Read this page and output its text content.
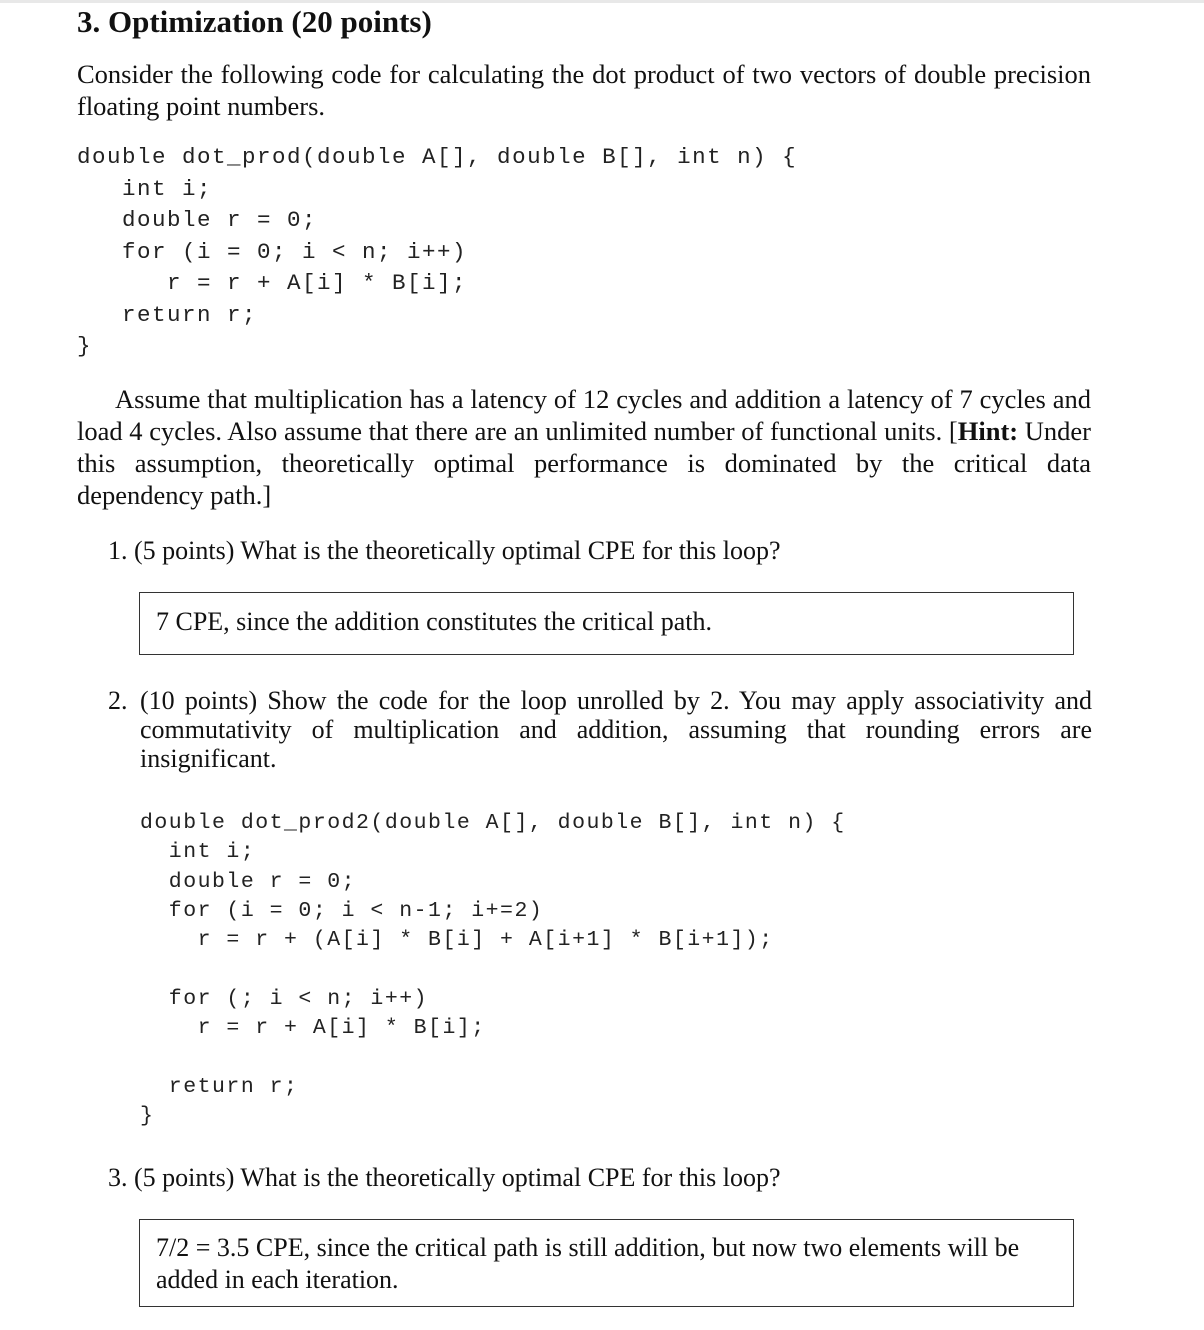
3. Optimization (20 points)
Consider the following code for calculating the dot product of two vectors of double precision floating point numbers.
double dot_prod(double A[], double B[], int n) {
int i;
double r = 0;
for (i = 0; i < n; i++)
r = r + A[i] * B[i];
return r;
}
Assume that multiplication has a latency of 12 cycles and addition a latency of 7 cycles and load 4 cycles. Also assume that there are an unlimited number of functional units. [Hint: Under this assumption, theoretically optimal performance is dominated by the critical data dependency path.]
1. (5 points) What is the theoretically optimal CPE for this loop?
7 CPE, since the addition constitutes the critical path.
2. (10 points) Show the code for the loop unrolled by 2. You may apply associativity and commutativity of multiplication and addition, assuming that rounding errors are insignificant.
double dot_prod2(double A[], double B[], int n) {
int i;
double r = 0;
for (i = 0; i < n-1; i+=2)
r = r + (A[i] * B[i] + A[i+1] * B[i+1]);

for (; i < n; i++)
r = r + A[i] * B[i];

return r;
}
3. (5 points) What is the theoretically optimal CPE for this loop?
7/2 = 3.5 CPE, since the critical path is still addition, but now two elements will be added in each iteration.
